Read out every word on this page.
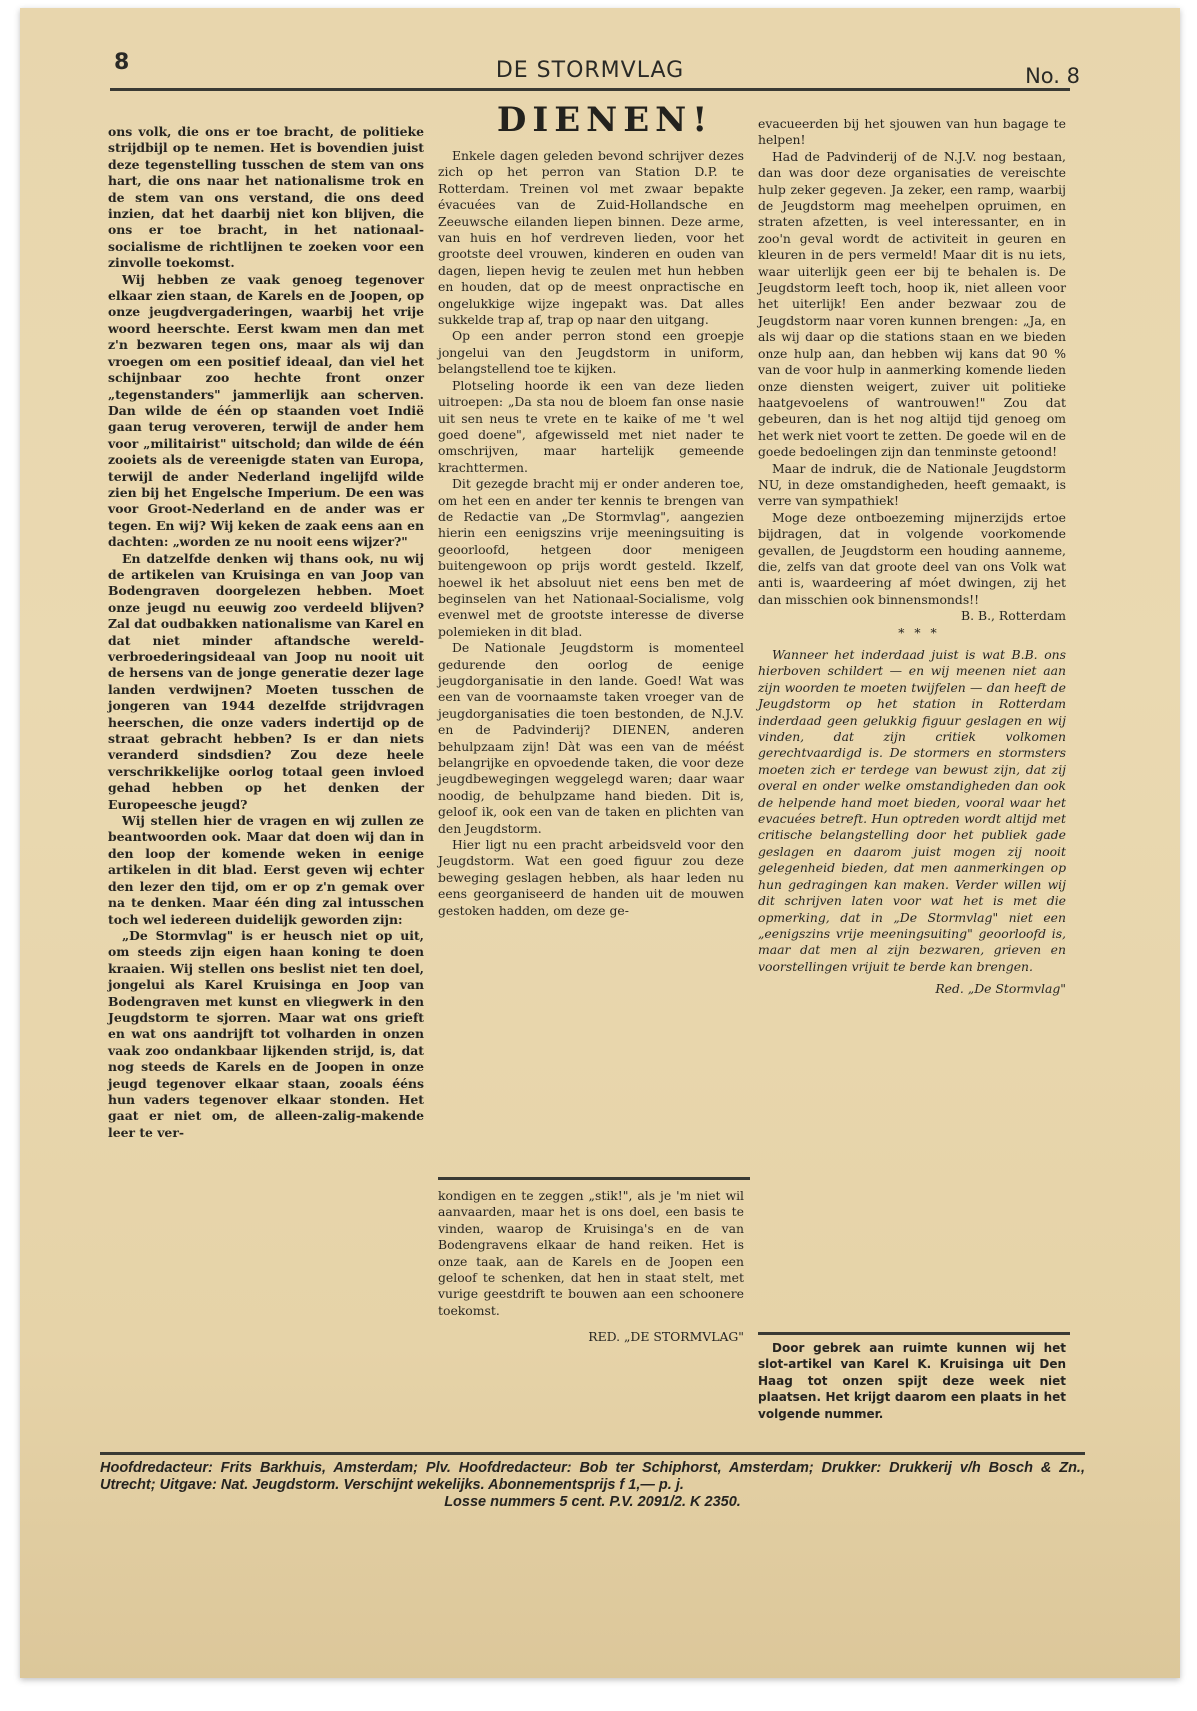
8	DE STORMVLAG	No. 8

ons volk, die ons er toe bracht, de politieke strijdbijl op te nemen. Het is bovendien juist deze tegenstelling tusschen de stem van ons hart, die ons naar het nationalisme trok en de stem van ons verstand, die ons deed inzien, dat het daarbij niet kon blijven, die ons er toe bracht, in het nationaal-socialisme de richtlijnen te zoeken voor een zinvolle toekomst.

Wij hebben ze vaak genoeg tegenover elkaar zien staan, de Karels en de Joopen, op onze jeugdvergaderingen, waarbij het vrije woord heerschte. Eerst kwam men dan met z'n bezwaren tegen ons, maar als wij dan vroegen om een positief ideaal, dan viel het schijnbaar zoo hechte front onzer „tegenstanders" jammerlijk aan scherven. Dan wilde de één op staanden voet Indië gaan terug veroveren, terwijl de ander hem voor „militairist" uitschold; dan wilde de één zooiets als de vereenigde staten van Europa, terwijl de ander Nederland ingelijfd wilde zien bij het Engelsche Imperium. De een was voor Groot-Nederland en de ander was er tegen. En wij? Wij keken de zaak eens aan en dachten: „worden ze nu nooit eens wijzer?"

En datzelfde denken wij thans ook, nu wij de artikelen van Kruisinga en van Joop van Bodengraven doorgelezen hebben. Moet onze jeugd nu eeuwig zoo verdeeld blijven? Zal dat oudbakken nationalisme van Karel en dat niet minder aftandsche wereld-verbroederingsideaal van Joop nu nooit uit de hersens van de jonge generatie dezer lage landen verdwijnen? Moeten tusschen de jongeren van 1944 dezelfde strijdvragen heerschen, die onze vaders indertijd op de straat gebracht hebben? Is er dan niets veranderd sindsdien? Zou deze heele verschrikkelijke oorlog totaal geen invloed gehad hebben op het denken der Europeesche jeugd?

Wij stellen hier de vragen en wij zullen ze beantwoorden ook. Maar dat doen wij dan in den loop der komende weken in eenige artikelen in dit blad. Eerst geven wij echter den lezer den tijd, om er op z'n gemak over na te denken. Maar één ding zal intusschen toch wel iedereen duidelijk geworden zijn:

„De Stormvlag" is er heusch niet op uit, om steeds zijn eigen haan koning te doen kraaien. Wij stellen ons beslist niet ten doel, jongelui als Karel Kruisinga en Joop van Bodengraven met kunst en vliegwerk in den Jeugdstorm te sjorren. Maar wat ons grieft en wat ons aandrijft tot volharden in onzen vaak zoo ondankbaar lijkenden strijd, is, dat nog steeds de Karels en de Joopen in onze jeugd tegenover elkaar staan, zooals ééns hun vaders tegenover elkaar stonden. Het gaat er niet om, de alleen-zalig-makende leer te ver-

DIENEN!

Enkele dagen geleden bevond schrijver dezes zich op het perron van Station D.P. te Rotterdam. Treinen vol met zwaar bepakte évacuées van de Zuid-Hollandsche en Zeeuwsche eilanden liepen binnen. Deze arme, van huis en hof verdreven lieden, voor het grootste deel vrouwen, kinderen en ouden van dagen, liepen hevig te zeulen met hun hebben en houden, dat op de meest onpractische en ongelukkige wijze ingepakt was. Dat alles sukkelde trap af, trap op naar den uitgang.

Op een ander perron stond een groepje jongelui van den Jeugdstorm in uniform, belangstellend toe te kijken.

Plotseling hoorde ik een van deze lieden uitroepen: „Da sta nou de bloem fan onse nasie uit sen neus te vrete en te kaike of me 't wel goed doene", afgewisseld met niet nader te omschrijven, maar hartelijk gemeende krachttermen.

Dit gezegde bracht mij er onder anderen toe, om het een en ander ter kennis te brengen van de Redactie van „De Stormvlag", aangezien hierin een eenigszins vrije meeningsuiting is geoorloofd, hetgeen door menigeen buitengewoon op prijs wordt gesteld. Ikzelf, hoewel ik het absoluut niet eens ben met de beginselen van het Nationaal-Socialisme, volg evenwel met de grootste interesse de diverse polemieken in dit blad.

De Nationale Jeugdstorm is momenteel gedurende den oorlog de eenige jeugdorganisatie in den lande. Goed! Wat was een van de voornaamste taken vroeger van de jeugdorganisaties die toen bestonden, de N.J.V. en de Padvinderij? DIENEN, anderen behulpzaam zijn! Dàt was een van de méést belangrijke en opvoedende taken, die voor deze jeugdbewegingen weggelegd waren; daar waar noodig, de behulpzame hand bieden. Dit is, geloof ik, ook een van de taken en plichten van den Jeugdstorm.

Hier ligt nu een pracht arbeidsveld voor den Jeugdstorm. Wat een goed figuur zou deze beweging geslagen hebben, als haar leden nu eens georganiseerd de handen uit de mouwen gestoken hadden, om deze ge-

kondigen en te zeggen „stik!", als je 'm niet wil aanvaarden, maar het is ons doel, een basis te vinden, waarop de Kruisinga's en de van Bodengravens elkaar de hand reiken. Het is onze taak, aan de Karels en de Joopen een geloof te schenken, dat hen in staat stelt, met vurige geestdrift te bouwen aan een schoonere toekomst.

RED. „DE STORMVLAG"

evacueerden bij het sjouwen van hun bagage te helpen!

Had de Padvinderij of de N.J.V. nog bestaan, dan was door deze organisaties de vereischte hulp zeker gegeven. Ja zeker, een ramp, waarbij de Jeugdstorm mag meehelpen opruimen, en straten afzetten, is veel interessanter, en in zoo'n geval wordt de activiteit in geuren en kleuren in de pers vermeld! Maar dit is nu iets, waar uiterlijk geen eer bij te behalen is. De Jeugdstorm leeft toch, hoop ik, niet alleen voor het uiterlijk! Een ander bezwaar zou de Jeugdstorm naar voren kunnen brengen: „Ja, en als wij daar op die stations staan en we bieden onze hulp aan, dan hebben wij kans dat 90 % van de voor hulp in aanmerking komende lieden onze diensten weigert, zuiver uit politieke haatgevoelens of wantrouwen!" Zou dat gebeuren, dan is het nog altijd tijd genoeg om het werk niet voort te zetten. De goede wil en de goede bedoelingen zijn dan tenminste getoond!

Maar de indruk, die de Nationale Jeugdstorm NU, in deze omstandigheden, heeft gemaakt, is verre van sympathiek!

Moge deze ontboezeming mijnerzijds ertoe bijdragen, dat in volgende voorkomende gevallen, de Jeugdstorm een houding aanneme, die, zelfs van dat groote deel van ons Volk wat anti is, waardeering af móet dwingen, zij het dan misschien ook binnensmonds!!

B. B., Rotterdam

* * *

Wanneer het inderdaad juist is wat B.B. ons hierboven schildert — en wij meenen niet aan zijn woorden te moeten twijfelen — dan heeft de Jeugdstorm op het station in Rotterdam inderdaad geen gelukkig figuur geslagen en wij vinden, dat zijn critiek volkomen gerechtvaardigd is. De stormers en stormsters moeten zich er terdege van bewust zijn, dat zij overal en onder welke omstandigheden dan ook de helpende hand moet bieden, vooral waar het evacuées betreft. Hun optreden wordt altijd met critische belangstelling door het publiek gade geslagen en daarom juist mogen zij nooit gelegenheid bieden, dat men aanmerkingen op hun gedragingen kan maken. Verder willen wij dit schrijven laten voor wat het is met die opmerking, dat in „De Stormvlag" niet een „eenigszins vrije meeningsuiting" geoorloofd is, maar dat men al zijn bezwaren, grieven en voorstellingen vrijuit te berde kan brengen.

Red. „De Stormvlag"

Door gebrek aan ruimte kunnen wij het slot-artikel van Karel K. Kruisinga uit Den Haag tot onzen spijt deze week niet plaatsen. Het krijgt daarom een plaats in het volgende nummer.

Hoofdredacteur: Frits Barkhuis, Amsterdam; Plv. Hoofdredacteur: Bob ter Schiphorst, Amsterdam; Drukker: Drukkerij v/h Bosch & Zn., Utrecht; Uitgave: Nat. Jeugdstorm. Verschijnt wekelijks. Abonnementsprijs f 1,— p. j.
Losse nummers 5 cent. P.V. 2091/2. K 2350.
